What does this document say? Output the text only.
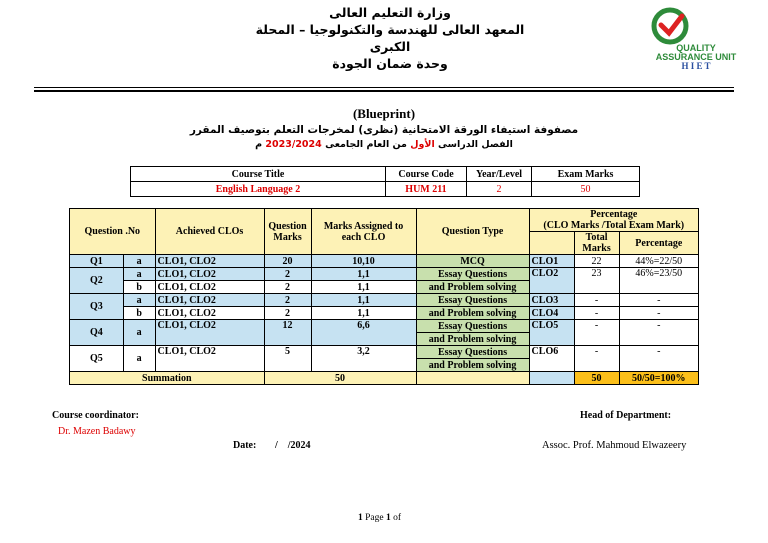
وزارة التعليم العالى
المعهد العالى للهندسة والتكنولوجيا – المحلة الكبرى
وحدة ضمان الجودة
QUALITY
ASSURANCE UNIT
H I E T
(Blueprint)
مصفوفة استيفاء الورقة الامتحانية (نظرى) لمخرجات التعلم بتوصيف المقرر
الفصل الدراسى الأول من العام الجامعى 2023/2024 م
Course Title	Course Code	Year/Level	Exam Marks
English Language 2	HUM 211	2	50
Question .No		Achieved CLOs	Question Marks	Marks Assigned to each CLO	Question Type	Percentage
(CLO Marks /Total Exam Mark)		

							Total Marks	Percentage

Q1	a	CLO1, CLO2	20	10,10	MCQ	CLO1	22	44%=22/50
Q2	a	CLO1, CLO2	2	1,1	Essay Questions	CLO2	23	46%=23/50
	b	CLO1, CLO2	2	1,1	and Problem solving			
Q3	a	CLO1, CLO2	2	1,1	Essay Questions	CLO3	-	-
	b	CLO1, CLO2	2	1,1	and Problem solving	CLO4	-	-
Q4	a	CLO1, CLO2	12	6,6	Essay Questions	CLO5	-	-
					and Problem solving			
Q5	a	CLO1, CLO2	5	3,2	Essay Questions	CLO6	-	-
					and Problem solving			
Summation			50				50	50/50=100%
Course coordinator:
Dr. Mazen Badawy
Head of Department:
Date: /    /2024	Assoc. Prof. Mahmoud Elwazeery
1 Page 1 of
